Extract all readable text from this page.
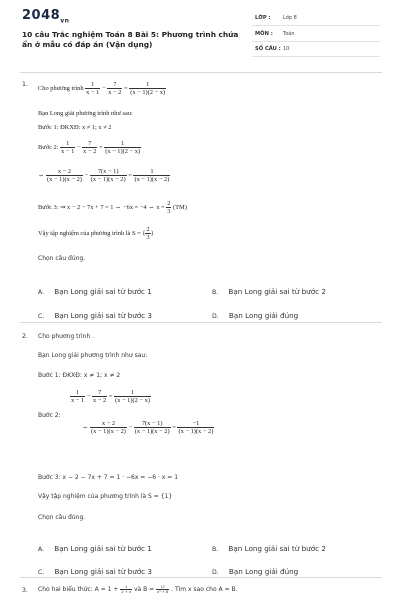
$2048_{vn}$
10 câu Trắc nghiệm Toán 8 Bài 5: Phương trình chứa ẩn ở mẫu có đáp án (Vận dụng)
LỚP : Lớp 8
MÔN : Toán
SỐ CÂU : 10
1.
Cho phương trình $\frac{1}{x - 1} - \frac{7}{x - 2} = \frac{1}{(x - 1)(2 - x)}$
Bạn Long giải phương trình như sau:
Bước 1: ĐKXĐ: x ≠ 1; x ≠ 2
Bước 2: $\frac{1}{x - 1} - \frac{7}{x - 2} = \frac{1}{(x - 1)(2 - x)}$
⇔ $\frac{x - 2}{(x - 1)(x - 2)} - \frac{7(x - 1)}{(x - 1)(x - 2)} = \frac{1}{(x - 1)(x - 2)}$
Bước 3: ⇒ x − 2 − 7x + 7 = 1 ⇔ −6x = −4 ⇔ $x = \frac{2}{3} (TM)$
Vậy tập nghiệm của phương trình là S = { $\frac{2}{3}$ }
Chọn câu đúng.
A. Bạn Long giải sai từ bước 1	B. Bạn Long giải sai từ bước 2
C. Bạn Long giải sai từ bước 3	D. Bạn Long giải đúng
2. Cho phương trình .
Bạn Long giải phương trình như sau:
Bước 1: ĐKXĐ: x ≠ 1; x ≠ 2
$\frac{1}{x - 1} - \frac{7}{x - 2} = \frac{1}{(x - 1)(2 - x)}$
Bước 2:
⇔ $\frac{x - 2}{(x - 1)(x - 2)} - \frac{7(x - 1)}{(x - 1)(x - 2)} = \frac{-1}{(x - 1)(x - 2)}$
Bước 3: x − 2 − 7x + 7 = 1 · −6x = −6 · x = 1
Vậy tập nghiệm của phương trình là S = {1}
Chọn câu đúng.
A. Bạn Long giải sai từ bước 1	B. Bạn Long giải sai từ bước 2
C. Bạn Long giải sai từ bước 3	D. Bạn Long giải đúng
3. Cho hai biểu thức: $A = 1 + \frac{1}{2 + x}$ và $B = \frac{12}{\text{x³ + 8}}$ . Tìm x sao cho A = B.
